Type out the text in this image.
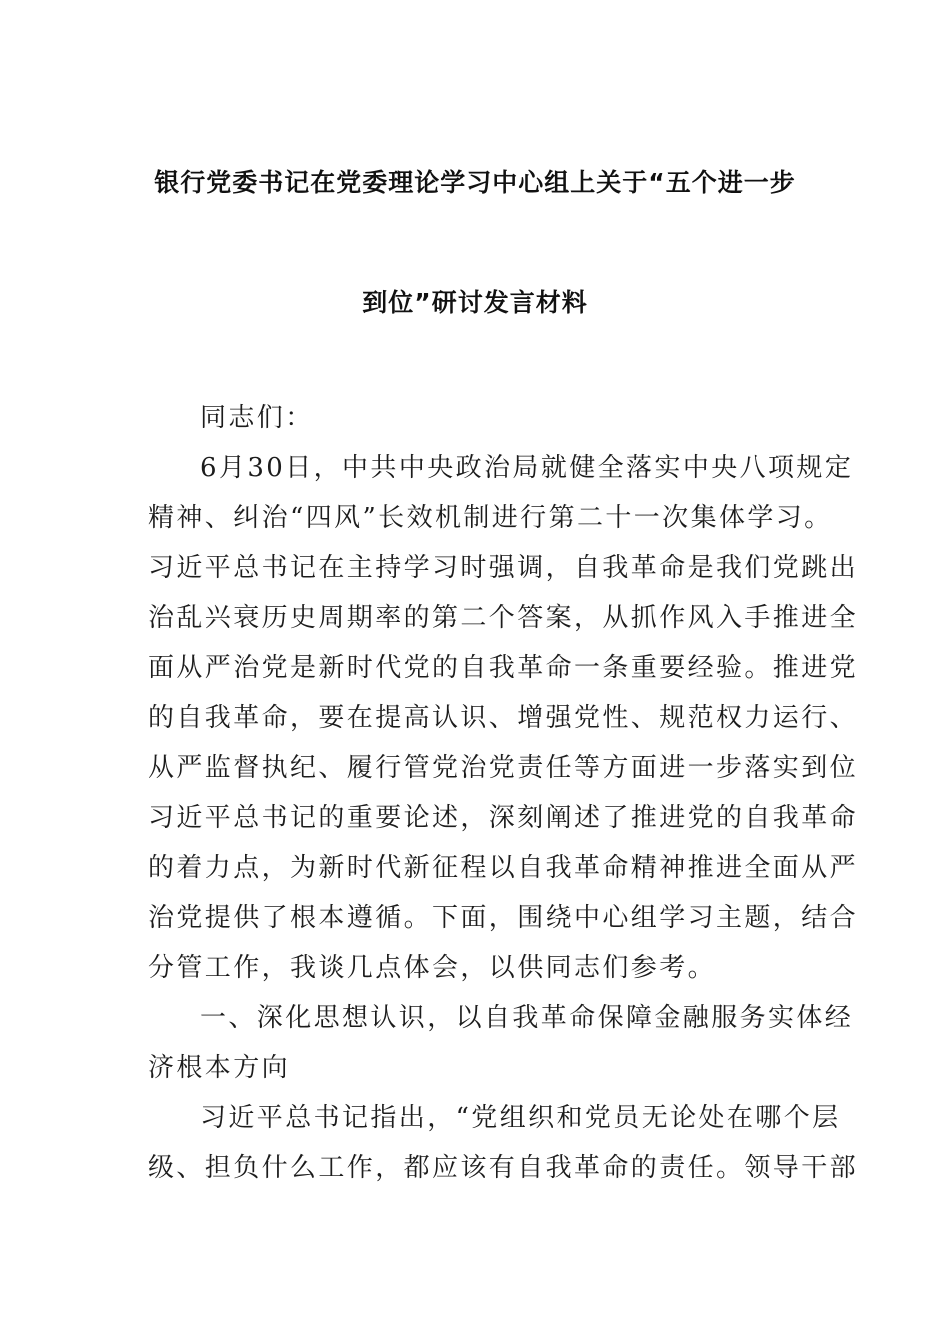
银行党委书记在党委理论学习中心组上关于“五个进一步
到位”研讨发言材料
同志们：
6月30日，中共中央政治局就健全落实中央八项规定
精神、纠治“四风”长效机制进行第二十一次集体学习。
习近平总书记在主持学习时强调，自我革命是我们党跳出
治乱兴衰历史周期率的第二个答案，从抓作风入手推进全
面从严治党是新时代党的自我革命一条重要经验。推进党
的自我革命，要在提高认识、增强党性、规范权力运行、
从严监督执纪、履行管党治党责任等方面进一步落实到位
习近平总书记的重要论述，深刻阐述了推进党的自我革命
的着力点，为新时代新征程以自我革命精神推进全面从严
治党提供了根本遵循。下面，围绕中心组学习主题，结合
分管工作，我谈几点体会，以供同志们参考。
一、深化思想认识，以自我革命保障金融服务实体经
济根本方向
习近平总书记指出，“党组织和党员无论处在哪个层
级、担负什么工作，都应该有自我革命的责任。领导干部
